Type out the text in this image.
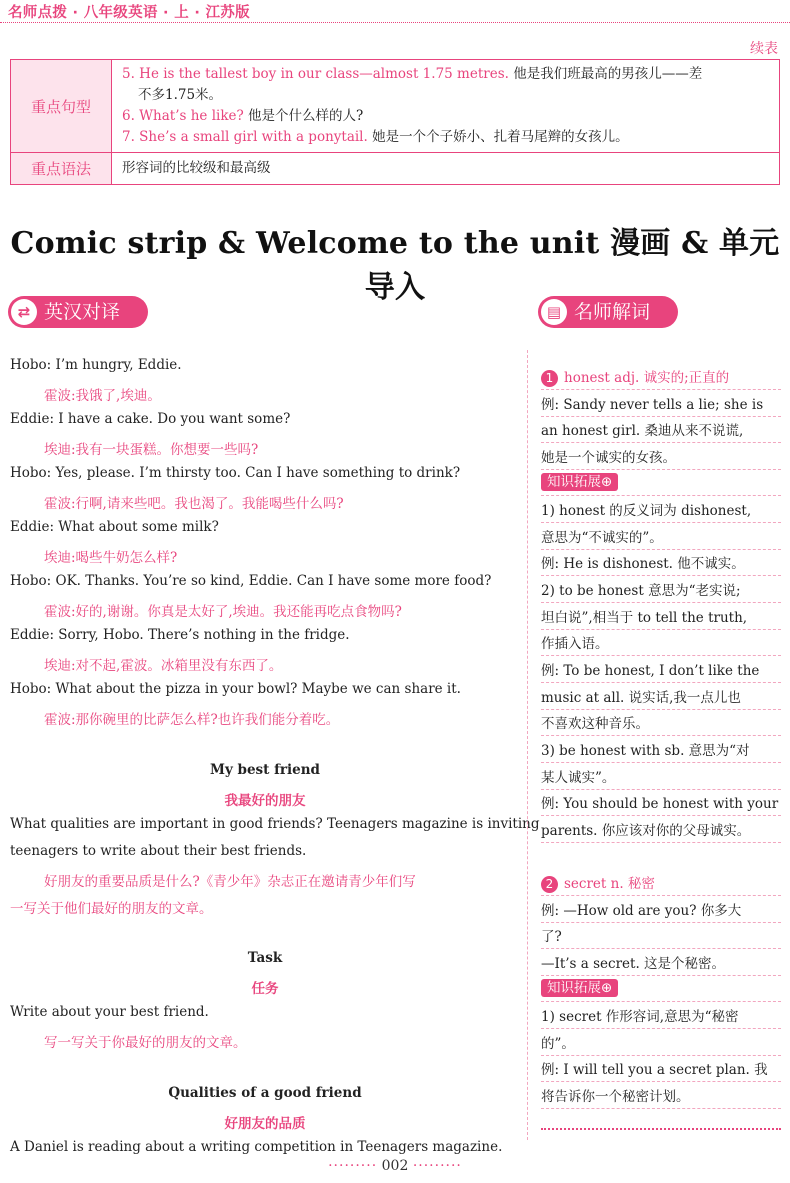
名师点拨 · 八年级英语 · 上 · 江苏版
续表
重点句型	5. He is the tallest boy in our class—almost 1.75 metres. 他是我们班最高的男孩儿——差
不多1.75米。
6. What’s he like? 他是个什么样的人?
7. She’s a small girl with a ponytail. 她是一个个子娇小、扎着马尾辫的女孩儿。

重点语法	形容词的比较级和最高级
Comic strip & Welcome to the unit 漫画 & 单元导入
⇄ 英汉对译	▤ 名师解词
Hobo: I’m hungry, Eddie.
霍波:我饿了,埃迪。
Eddie: I have a cake. Do you want some?
埃迪:我有一块蛋糕。你想要一些吗?
Hobo: Yes, please. I’m thirsty too. Can I have something to drink?
霍波:行啊,请来些吧。我也渴了。我能喝些什么吗?
Eddie: What about some milk?
埃迪:喝些牛奶怎么样?
Hobo: OK. Thanks. You’re so kind, Eddie. Can I have some more food?
霍波:好的,谢谢。你真是太好了,埃迪。我还能再吃点食物吗?
Eddie: Sorry, Hobo. There’s nothing in the fridge.
埃迪:对不起,霍波。冰箱里没有东西了。
Hobo: What about the pizza in your bowl? Maybe we can share it.
霍波:那你碗里的比萨怎么样?也许我们能分着吃。
My best friend
我最好的朋友
What qualities are important in good friends? Teenagers magazine is inviting
teenagers to write about their best friends.
好朋友的重要品质是什么?《青少年》杂志正在邀请青少年们写
一写关于他们最好的朋友的文章。
Task
任务
Write about your best friend.
写一写关于你最好的朋友的文章。
Qualities of a good friend
好朋友的品质
A Daniel is reading about a writing competition in Teenagers magazine.
1 honest adj. 诚实的;正直的
例: Sandy never tells a lie; she is
an honest girl. 桑迪从来不说谎,
她是一个诚实的女孩。
知识拓展⊕
1) honest 的反义词为 dishonest,
意思为“不诚实的”。
例: He is dishonest. 他不诚实。
2) to be honest 意思为“老实说;
坦白说”,相当于 to tell the truth,
作插入语。
例: To be honest, I don’t like the
music at all. 说实话,我一点儿也
不喜欢这种音乐。
3) be honest with sb. 意思为“对
某人诚实”。
例: You should be honest with your
parents. 你应该对你的父母诚实。
2 secret n. 秘密
例: —How old are you? 你多大
了?
—It’s a secret. 这是个秘密。
知识拓展⊕
1) secret 作形容词,意思为“秘密
的”。
例: I will tell you a secret plan. 我
将告诉你一个秘密计划。
········· 002 ·········
